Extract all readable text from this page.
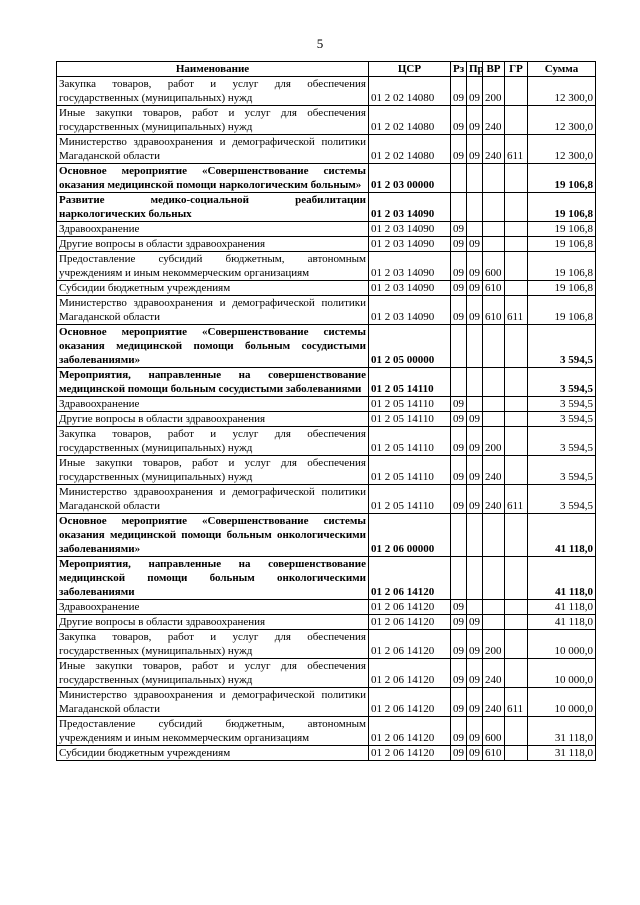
5
Наименование	ЦСР	Рз	Пр	ВР	ГР	Сумма
Закупка товаров, работ и услуг для обеспечения государственных (муниципальных) нужд	01 2 02 14080	09	09	200		12 300,0
Иные закупки товаров, работ и услуг для обеспечения государственных (муниципальных) нужд	01 2 02 14080	09	09	240		12 300,0
Министерство здравоохранения и демографической политики Магаданской области	01 2 02 14080	09	09	240	611	12 300,0
Основное мероприятие «Совершенствование системы оказания медицинской помощи наркологическим больным»	01 2 03 00000					19 106,8
Развитие медико-социальной реабилитации наркологических больных	01 2 03 14090					19 106,8
Здравоохранение	01 2 03 14090	09				19 106,8
Другие вопросы в области здравоохранения	01 2 03 14090	09	09			19 106,8
Предоставление субсидий бюджетным, автономным учреждениям и иным некоммерческим организациям	01 2 03 14090	09	09	600		19 106,8
Субсидии бюджетным учреждениям	01 2 03 14090	09	09	610		19 106,8
Министерство здравоохранения и демографической политики Магаданской области	01 2 03 14090	09	09	610	611	19 106,8
Основное мероприятие «Совершенствование системы оказания медицинской помощи больным сосудистыми заболеваниями»	01 2 05 00000					3 594,5
Мероприятия, направленные на совершенствование медицинской помощи больным сосудистыми заболеваниями	01 2 05 14110					3 594,5
Здравоохранение	01 2 05 14110	09				3 594,5
Другие вопросы в области здравоохранения	01 2 05 14110	09	09			3 594,5
Закупка товаров, работ и услуг для обеспечения государственных (муниципальных) нужд	01 2 05 14110	09	09	200		3 594,5
Иные закупки товаров, работ и услуг для обеспечения государственных (муниципальных) нужд	01 2 05 14110	09	09	240		3 594,5
Министерство здравоохранения и демографической политики Магаданской области	01 2 05 14110	09	09	240	611	3 594,5
Основное мероприятие «Совершенствование системы оказания медицинской помощи больным онкологическими заболеваниями»	01 2 06 00000					41 118,0
Мероприятия, направленные на совершенствование медицинской помощи больным онкологическими заболеваниями	01 2 06 14120					41 118,0
Здравоохранение	01 2 06 14120	09				41 118,0
Другие вопросы в области здравоохранения	01 2 06 14120	09	09			41 118,0
Закупка товаров, работ и услуг для обеспечения государственных (муниципальных) нужд	01 2 06 14120	09	09	200		10 000,0
Иные закупки товаров, работ и услуг для обеспечения государственных (муниципальных) нужд	01 2 06 14120	09	09	240		10 000,0
Министерство здравоохранения и демографической политики Магаданской области	01 2 06 14120	09	09	240	611	10 000,0
Предоставление субсидий бюджетным, автономным учреждениям и иным некоммерческим организациям	01 2 06 14120	09	09	600		31 118,0
Субсидии бюджетным учреждениям	01 2 06 14120	09	09	610		31 118,0
